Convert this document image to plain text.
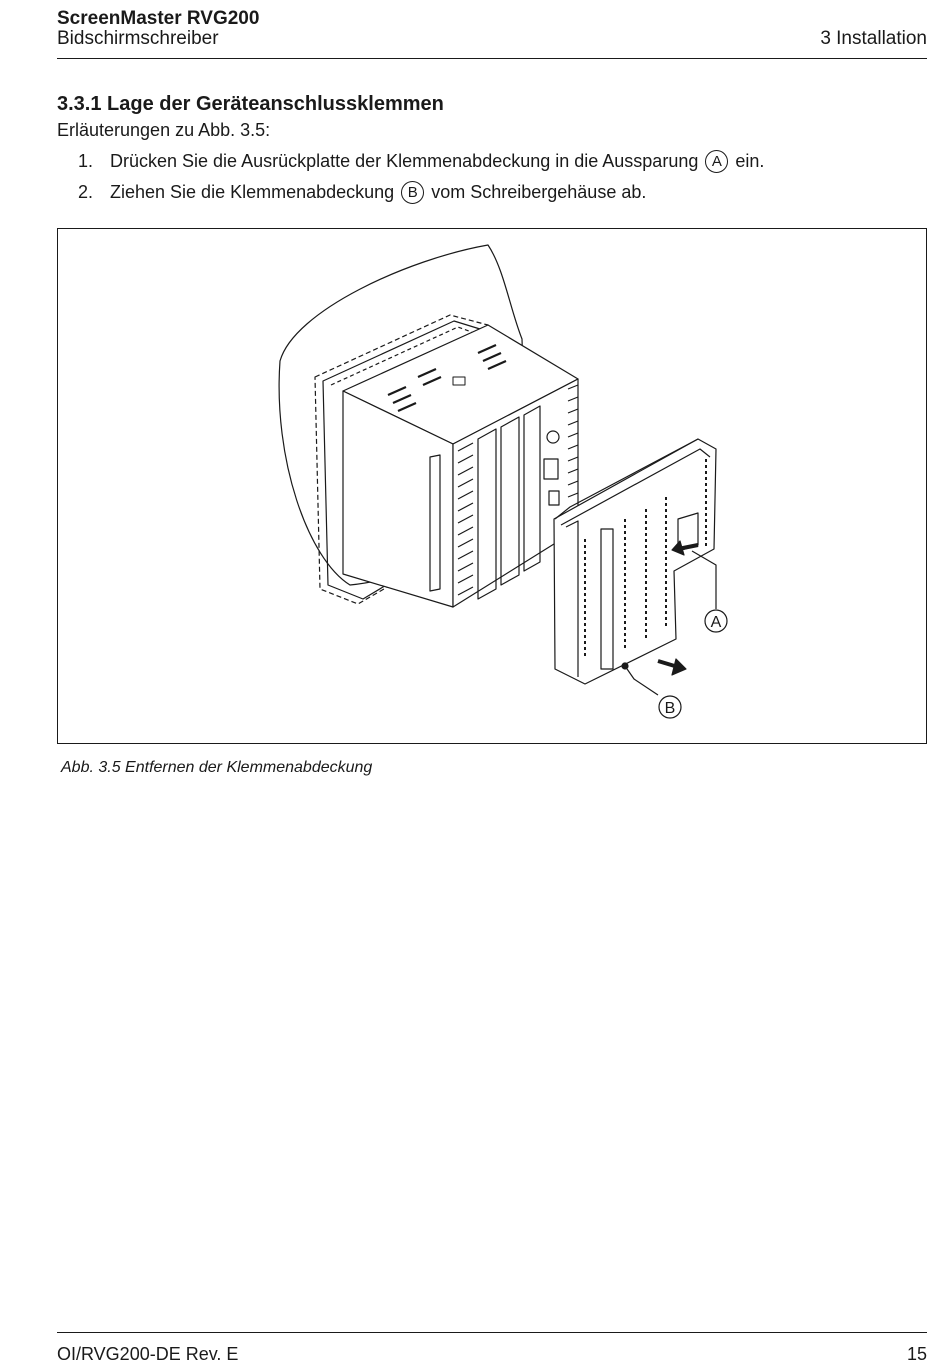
ScreenMaster RVG200
Bidschirmschreiber	3 Installation
3.3.1 Lage der Geräteanschlussklemmen
Erläuterungen zu Abb. 3.5:
1. Drücken Sie die Ausrückplatte der Klemmenabdeckung in die Aussparung A ein.
2. Ziehen Sie die Klemmenabdeckung B vom Schreibergehäuse ab.
A
B
Abb. 3.5 Entfernen der Klemmenabdeckung
OI/RVG200-DE Rev. E	15
